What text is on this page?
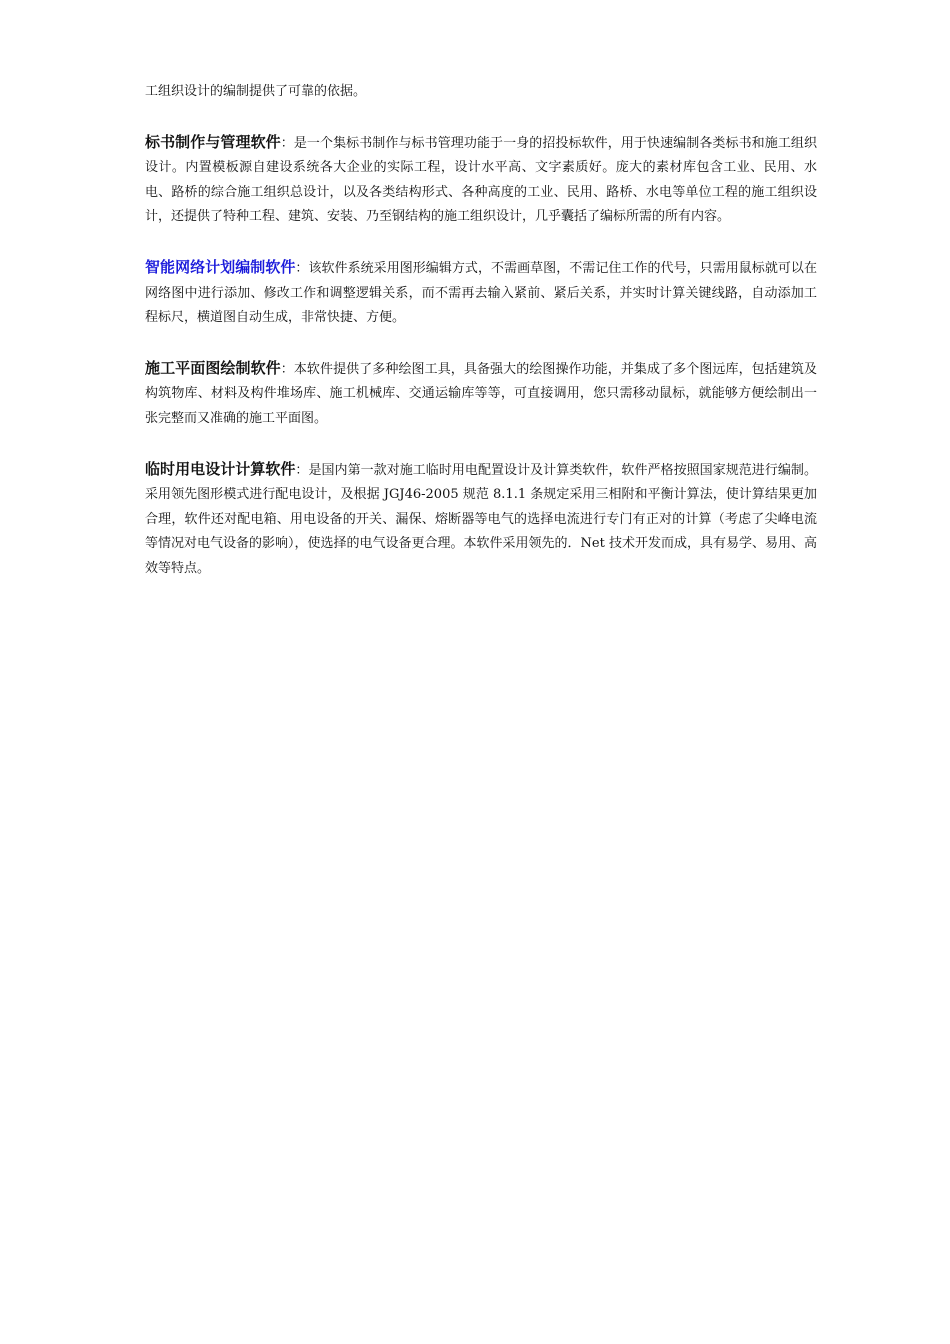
工组织设计的编制提供了可靠的依据。

标书制作与管理软件：是一个集标书制作与标书管理功能于一身的招投标软件，用于快速编制各类标书和施工组织设计。内置模板源自建设系统各大企业的实际工程，设计水平高、文字素质好。庞大的素材库包含工业、民用、水电、路桥的综合施工组织总设计，以及各类结构形式、各种高度的工业、民用、路桥、水电等单位工程的施工组织设计，还提供了特种工程、建筑、安装、乃至钢结构的施工组织设计，几乎囊括了编标所需的所有内容。

智能网络计划编制软件：该软件系统采用图形编辑方式，不需画草图，不需记住工作的代号，只需用鼠标就可以在网络图中进行添加、修改工作和调整逻辑关系，而不需再去输入紧前、紧后关系，并实时计算关键线路，自动添加工程标尺，横道图自动生成，非常快捷、方便。

施工平面图绘制软件：本软件提供了多种绘图工具，具备强大的绘图操作功能，并集成了多个图远库，包括建筑及构筑物库、材料及构件堆场库、施工机械库、交通运输库等等，可直接调用，您只需移动鼠标，就能够方便绘制出一张完整而又准确的施工平面图。

临时用电设计计算软件：是国内第一款对施工临时用电配置设计及计算类软件，软件严格按照国家规范进行编制。采用领先图形模式进行配电设计，及根据 JGJ46-2005 规范 8.1.1 条规定采用三相附和平衡计算法，使计算结果更加合理，软件还对配电箱、用电设备的开关、漏保、熔断器等电气的选择电流进行专门有正对的计算（考虑了尖峰电流等情况对电气设备的影响），使选择的电气设备更合理。本软件采用领先的．Net 技术开发而成，具有易学、易用、高效等特点。
